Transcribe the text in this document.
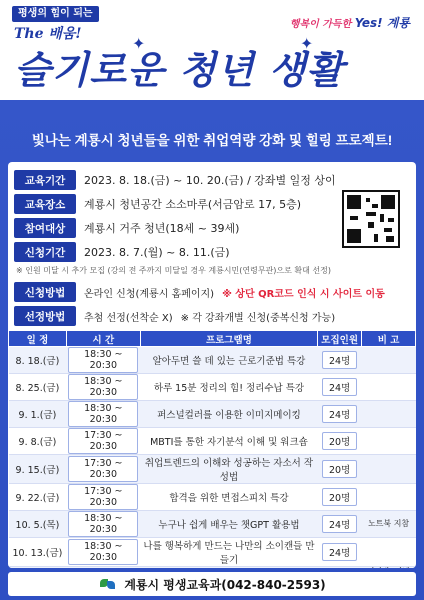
평생의 힘이 되는
The 배움!
행복이 가득한 Yes! 계룡
✦	✦
슬기로운 청년 생활
빛나는 계룡시 청년들을 위한 취업역량 강화 및 힐링 프로젝트!
교육기간	2023. 8. 18.(금) ~ 10. 20.(금) / 강좌별 일정 상이
교육장소	계룡시 청년공간 소소마루(서금암로 17, 5층)
참여대상	계룡시 거주 청년(18세 ~ 39세)
신청기간	2023. 8. 7.(월) ~ 8. 11.(금)
※ 인원 미달 시 추가 모집 (강의 전 주까지 미달일 경우 계룡시민(연령무관)으로 확대 선정)
신청방법	온라인 신청(계룡시 홈페이지) ※ 상단 QR코드 인식 시 사이트 이동
선정방법	추첨 선정(선착순 X) ※ 각 강좌개별 신청(중복신청 가능)
일 정	시 간	프로그램명	모집인원	비 고
8. 18.(금)	18:30 ~ 20:30	알아두면 쓸 데 있는 근로기준법 특강	24명	
8. 25.(금)	18:30 ~ 20:30	하루 15분 정리의 힘! 정리수납 특강	24명	
9. 1.(금)	18:30 ~ 20:30	퍼스널컬러를 이용한 이미지메이킹	24명	
9. 8.(금)	17:30 ~ 20:30	MBTI를 통한 자기분석 이해 및 워크숍	20명	
9. 15.(금)	17:30 ~ 20:30	취업트렌드의 이해와 성공하는 자소서 작성법	20명	
9. 22.(금)	17:30 ~ 20:30	합격을 위한 면접스피치 특강	20명	
10. 5.(목)	18:30 ~ 20:30	누구나 쉽게 배우는 챗GPT 활용법	24명	노트북 지참
10. 13.(금)	18:30 ~ 20:30	나를 행복하게 만드는 나만의 소이캔들 만들기	24명	

계룡시 평생교육과(042-840-2593)
